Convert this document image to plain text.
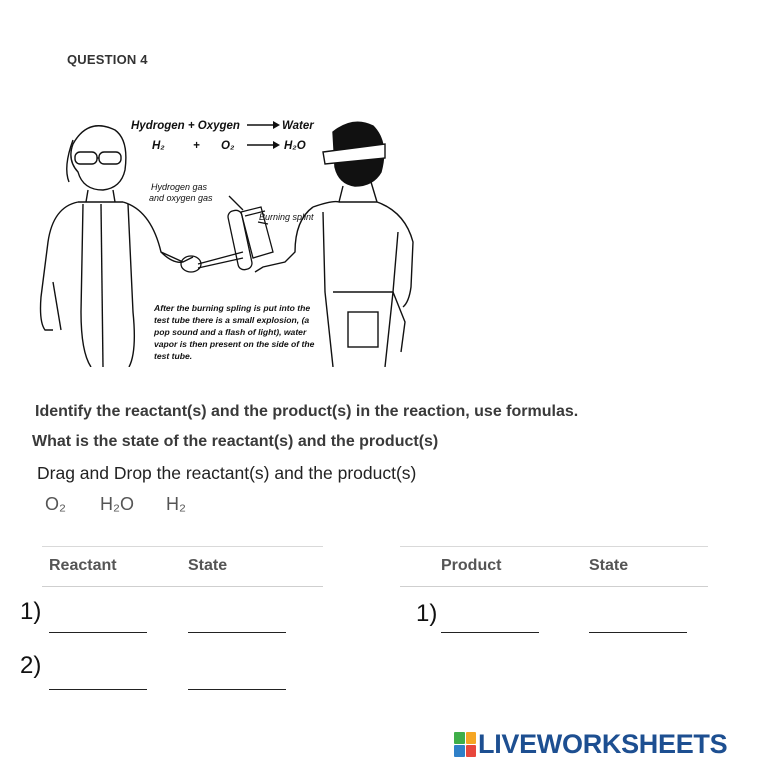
QUESTION 4
Hydrogen + Oxygen	Water
H₂ + O₂	H₂O
Hydrogen gas
and oxygen gas
Burning splint
After the burning spling is put into the
test tube there is a small explosion, (a
pop sound and a flash of light), water
vapor is then present on the side of the
test tube.
Identify the reactant(s) and the product(s) in the reaction, use formulas.
What is the state of the reactant(s) and the product(s)
Drag and Drop the reactant(s) and the product(s)
O₂ H₂O H₂
Reactant	State
1)
2)
Product	State
1)
LIVEWORKSHEETS
